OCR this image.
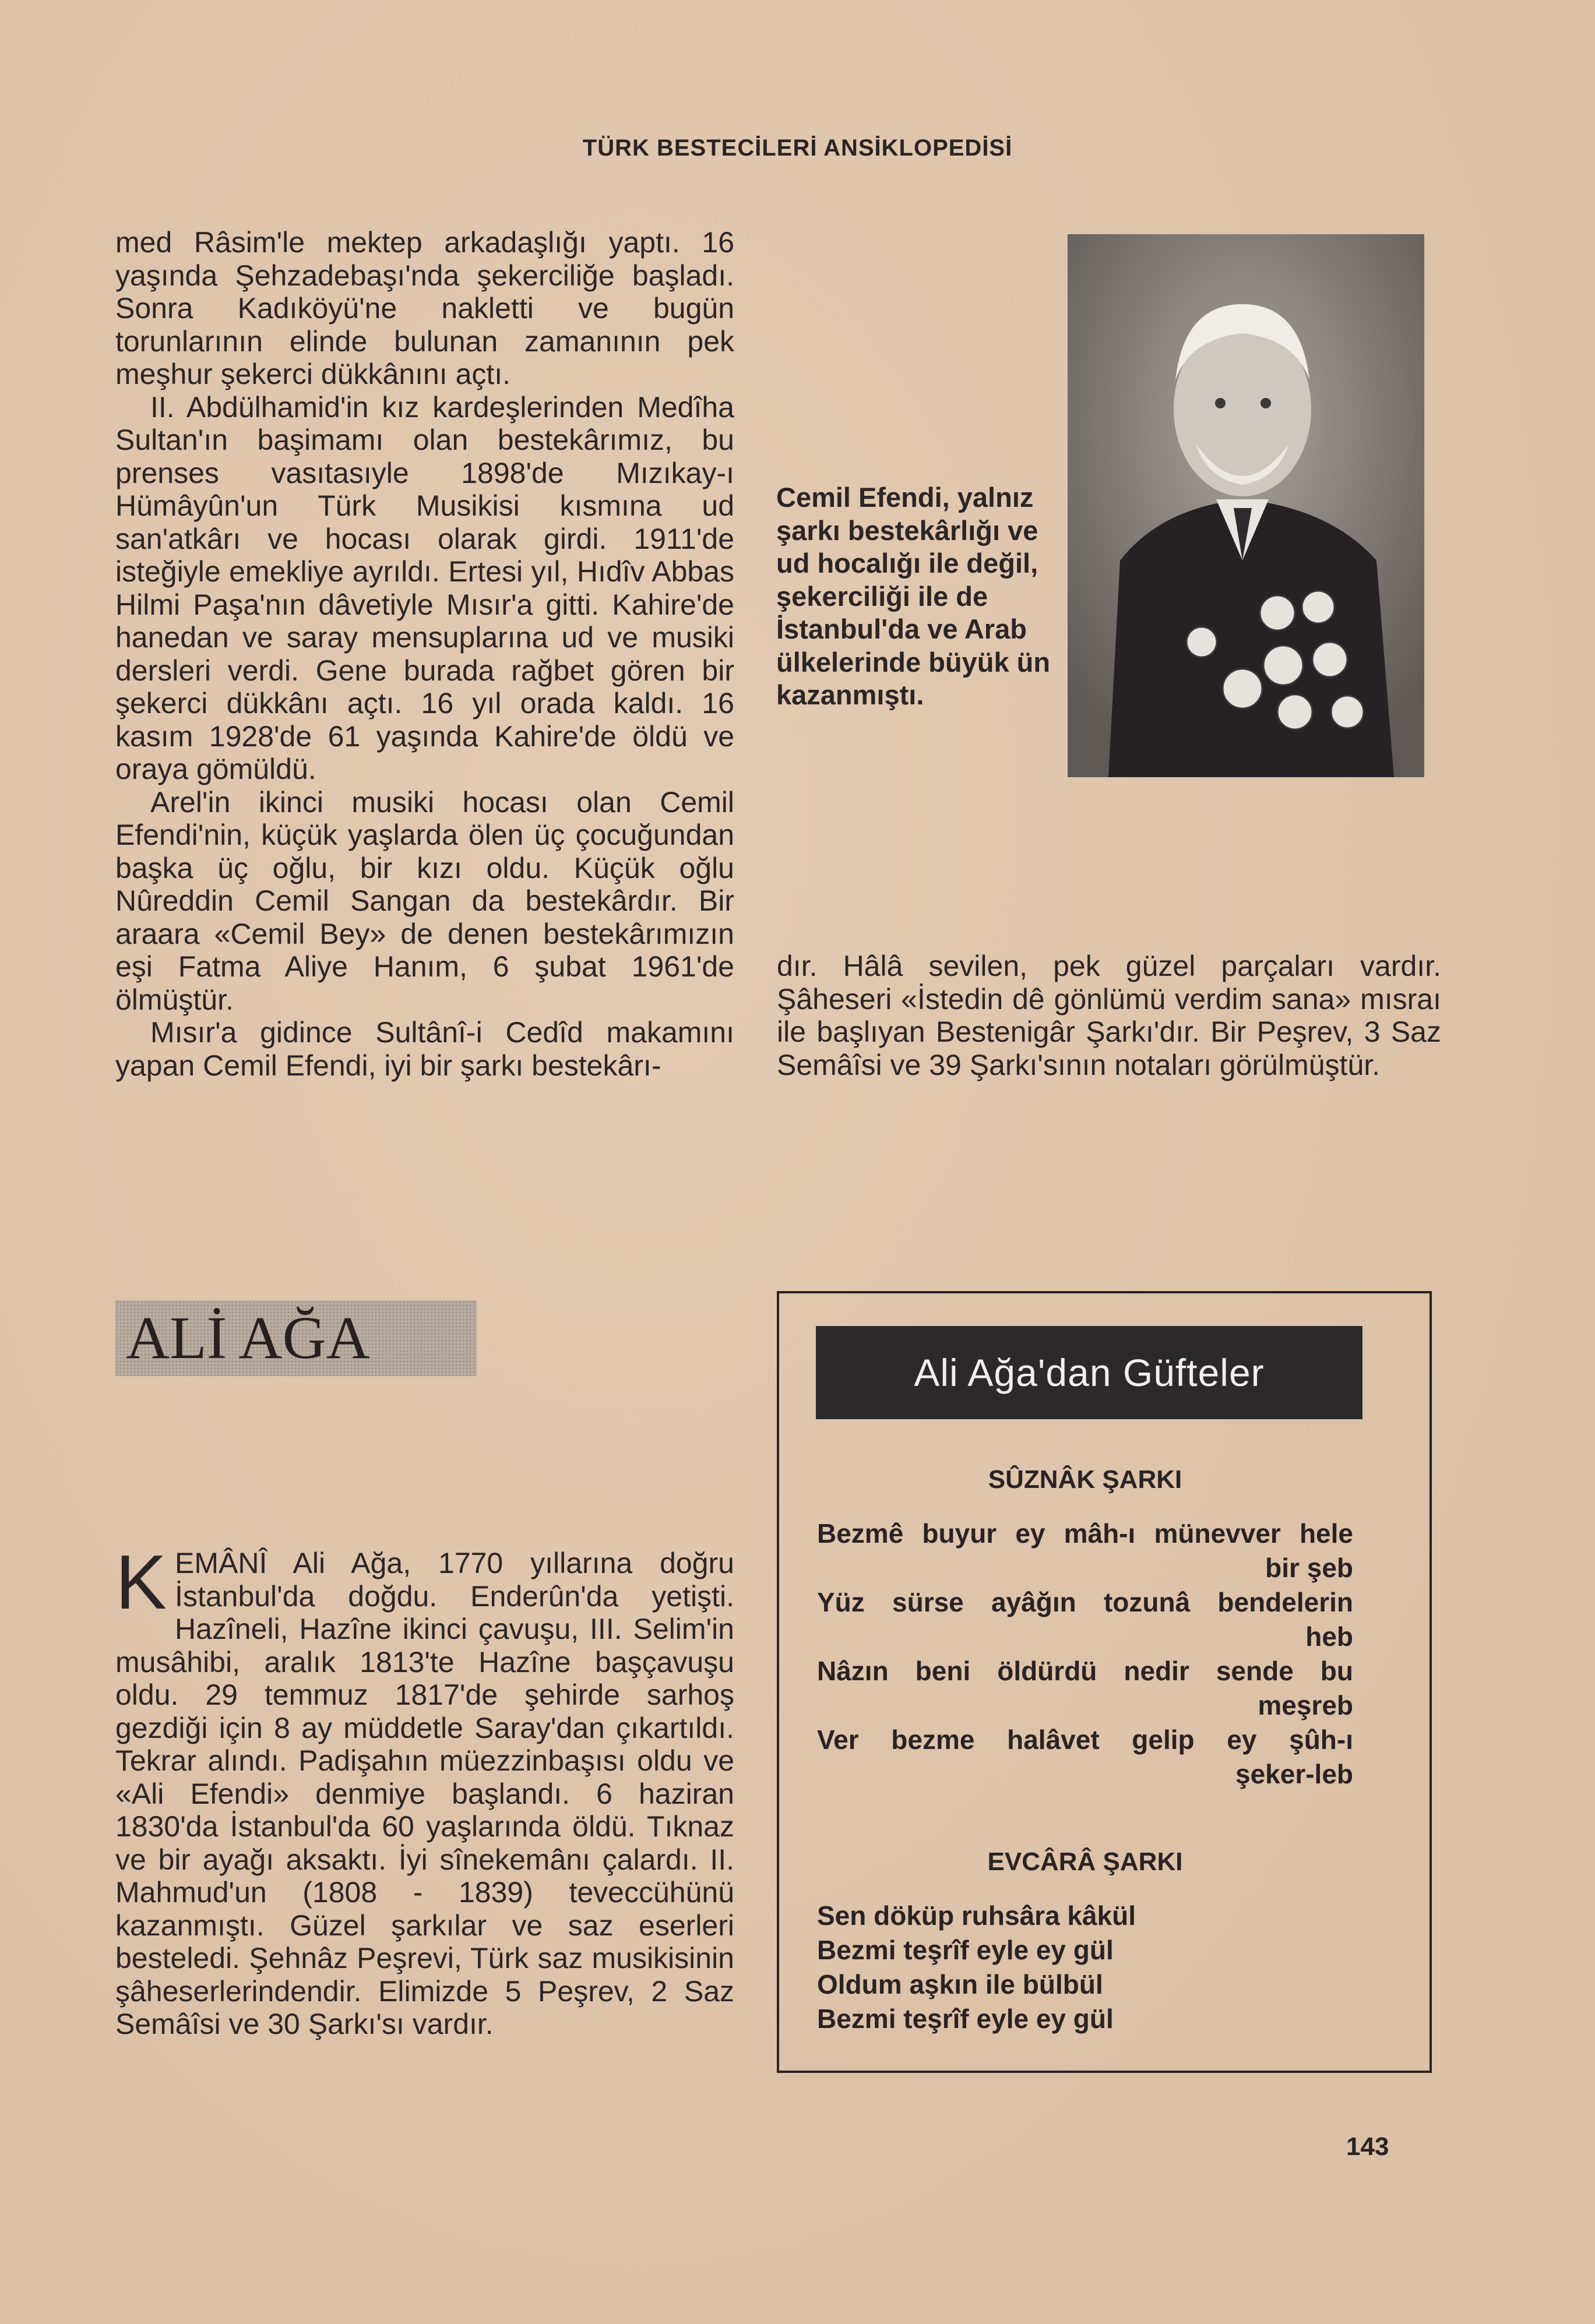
TÜRK BESTECİLERİ ANSİKLOPEDİSİ

med Râsim'le mektep arkadaşlığı yaptı. 16 yaşında Şehzadebaşı'nda şekerciliğe başladı. Sonra Kadıköyü'ne nakletti ve bugün torunlarının elinde bulunan zamanının pek meşhur şekerci dükkânını açtı.

II. Abdülhamid'in kız kardeşlerinden Medîha Sultan'ın başimamı olan bestekârımız, bu prenses vasıtasıyle 1898'de Mızıkay-ı Hümâyûn'un Türk Musikisi kısmına ud san'atkârı ve hocası olarak girdi. 1911'de isteğiyle emekliye ayrıldı. Ertesi yıl, Hıdîv Abbas Hilmi Paşa'nın dâvetiyle Mısır'a gitti. Kahire'de hanedan ve saray mensuplarına ud ve musiki dersleri verdi. Gene burada rağbet gören bir şekerci dükkânı açtı. 16 yıl orada kaldı. 16 kasım 1928'de 61 yaşında Kahire'de öldü ve oraya gömüldü.

Arel'in ikinci musiki hocası olan Cemil Efendi'nin, küçük yaşlarda ölen üç çocuğundan başka üç oğlu, bir kızı oldu. Küçük oğlu Nûreddin Cemil Sangan da bestekârdır. Bir araara «Cemil Bey» de denen bestekârımızın eşi Fatma Aliye Hanım, 6 şubat 1961'de ölmüştür.

Mısır'a gidince Sultânî-i Cedîd makamını yapan Cemil Efendi, iyi bir şarkı bestekârı-

Cemil Efendi, yalnız şarkı bestekârlığı ve ud hocalığı ile değil, şekerciliği ile de İstanbul'da ve Arab ülkelerinde büyük ün kazanmıştı.

dır. Hâlâ sevilen, pek güzel parçaları vardır. Şâheseri «İstedin dê gönlümü verdim sana» mısraı ile başlıyan Bestenigâr Şarkı'dır. Bir Peşrev, 3 Saz Semâîsi ve 39 Şarkı'sının notaları görülmüştür.

ALİ AĞA

KEMÂNÎ Ali Ağa, 1770 yıllarına doğru İstanbul'da doğdu. Enderûn'da yetişti. Hazîneli, Hazîne ikinci çavuşu, III. Selim'in musâhibi, aralık 1813'te Hazîne başçavuşu oldu. 29 temmuz 1817'de şehirde sarhoş gezdiği için 8 ay müddetle Saray'dan çıkartıldı. Tekrar alındı. Padişahın müezzinbaşısı oldu ve «Ali Efendi» denmiye başlandı. 6 haziran 1830'da İstanbul'da 60 yaşlarında öldü. Tıknaz ve bir ayağı aksaktı. İyi sînekemânı çalardı. II. Mahmud'un (1808 - 1839) teveccühünü kazanmıştı. Güzel şarkılar ve saz eserleri besteledi. Şehnâz Peşrevi, Türk saz musikisinin şâheserlerindendir. Elimizde 5 Peşrev, 2 Saz Semâîsi ve 30 Şarkı'sı vardır.

Ali Ağa'dan Güfteler
SÛZNÂK ŞARKI
Bezmê buyur ey mâh-ı münevver hele
bir şeb
Yüz sürse ayâğın tozunâ bendelerin
heb
Nâzın beni öldürdü nedir sende bu
meşreb
Ver bezme halâvet gelip ey şûh-ı
şeker-leb
EVCÂRÂ ŞARKI
Sen döküp ruhsâra kâkül
Bezmi teşrîf eyle ey gül
Oldum aşkın ile bülbül
Bezmi teşrîf eyle ey gül
143
